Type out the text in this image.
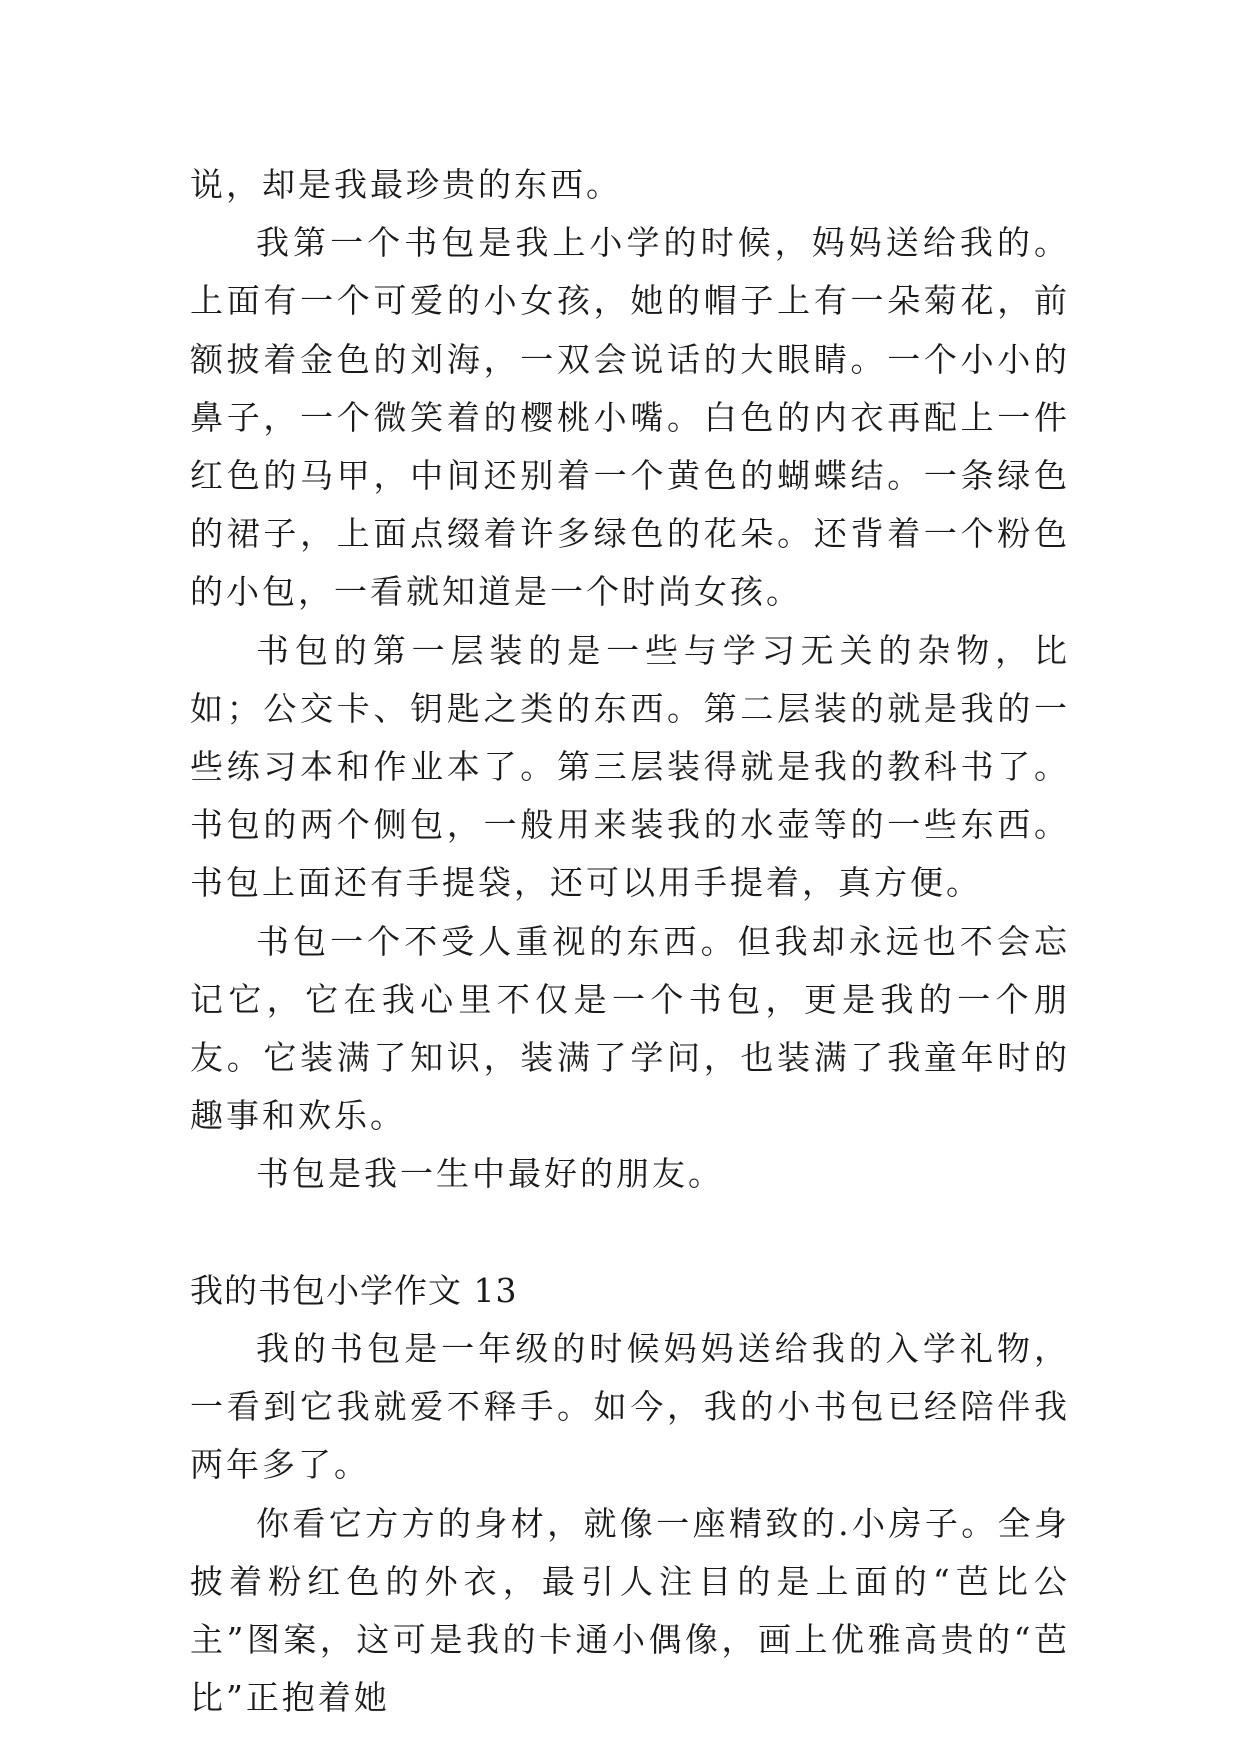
说，却是我最珍贵的东西。

我第一个书包是我上小学的时候，妈妈送给我的。上面有一个可爱的小女孩，她的帽子上有一朵菊花，前额披着金色的刘海，一双会说话的大眼睛。一个小小的鼻子，一个微笑着的樱桃小嘴。白色的内衣再配上一件红色的马甲，中间还别着一个黄色的蝴蝶结。一条绿色的裙子，上面点缀着许多绿色的花朵。还背着一个粉色的小包，一看就知道是一个时尚女孩。

书包的第一层装的是一些与学习无关的杂物，比如；公交卡、钥匙之类的东西。第二层装的就是我的一些练习本和作业本了。第三层装得就是我的教科书了。书包的两个侧包，一般用来装我的水壶等的一些东西。书包上面还有手提袋，还可以用手提着，真方便。

书包一个不受人重视的东西。但我却永远也不会忘记它，它在我心里不仅是一个书包，更是我的一个朋友。它装满了知识，装满了学问，也装满了我童年时的趣事和欢乐。

书包是我一生中最好的朋友。

我的书包小学作文 13

我的书包是一年级的时候妈妈送给我的入学礼物，一看到它我就爱不释手。如今，我的小书包已经陪伴我两年多了。

你看它方方的身材，就像一座精致的.小房子。全身披着粉红色的外衣，最引人注目的是上面的“芭比公主”图案，这可是我的卡通小偶像，画上优雅高贵的“芭比”正抱着她
